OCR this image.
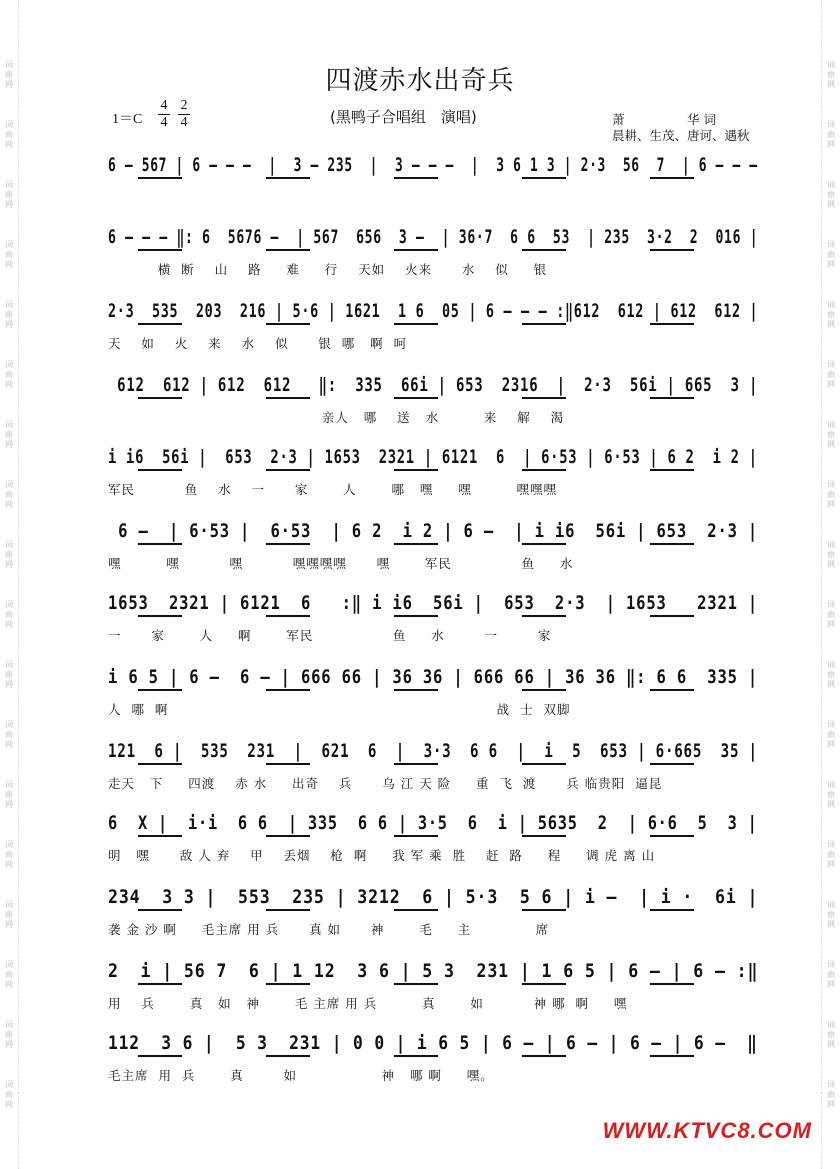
词
曲
网
词
曲
网
词
曲
网
词
曲
网
词
曲
网
词
曲
网
词
曲
网
词
曲
网
词
曲
网
词
曲
网
词
曲
网
词
曲
网
词
曲
网
词
曲
网
词
曲
网
词
曲
网
词
曲
网
词
曲
网
词
曲
网
词
曲
网
词
曲
网
词
曲
网
词
曲
网
词
曲
网
词
曲
网
词
曲
网
词
曲
网
词
曲
网
词
曲
网
词
曲
网
词
曲
网
词
曲
网
词
曲
网
词
曲
网
词
曲
网
词
曲
网
四渡赤水出奇兵
$1=C \frac{4}{4} \frac{2}{4}$	(黑鸭子合唱组　演唱)	萧　　　　　华 词
晨耕、生茂、唐诃、遇秋
6 – 567 | 6 – – –  |  3 – 235  |  3 – – –  |  3 6 1 3 | 2·3  56  7  | 6 – – –
6 – – – ‖: 6  5676 –  | 567  656  3 –  | 36·7  6 6  53  | 235  3·2  2  016 |
横  断    山    路     难     行    天如    火来      水    似     银
2·3  535  203  216 | 5·6 | 1621  1 6  05 | 6 – – – :‖612  612 | 612  612 |
天    如    火    来    水    似      银  哪   啊  呵
612  612 | 612  612   ‖:  335  66i | 653  2316  |  2·3  56i | 665  3 |
亲人   哪    送   水         来    解    渴
i i6  56i |  653  2·3 | 1653  2321 | 6121  6  | 6·53 | 6·53 | 6 2  i 2 |
军民          鱼    水    一      家       人       哪   嘿     嘿         嘿嘿嘿
6 –  | 6·53 |  6·53  | 6 2  i 2 | 6 –  | i i6  56i | 653  2·3 |
嘿         嘿          嘿          嘿嘿嘿嘿      嘿       军民              鱼     水
1653  2321 | 6121  6   :‖ i i6  56i |  653  2·3  | 1653   2321 |
一      家       人     啊       军民                鱼     水        一        家
i 6 5 | 6 –  6 – | 666 66 | 36 36 | 666 66 | 36 36 ‖: 6 6  335 |
人  哪  啊                                                                  战  士  双脚
121  6 |  535  231  |  621  6  |  3·3  6 6  |  i  5  653 | 6·665  35 |
走天   下     四渡    赤 水     出奇    兵      乌 江 天 险     重  飞  渡      兵 临贵阳  逼昆
6  X |  i·i  6 6  | 335  6 6 | 3·5  6  i | 5635  2  | 6·6  5  3 |
明   嘿      敌 人 弃    甲    丢烟    枪  啊     我 军 乘  胜    赶  路     程     调 虎 离 山
234  3 3 |  553  235 | 3212  6 | 5·3  5 6 | i –  | i ·  6i |
袭 金 沙 啊     毛主席 用 兵      真 如      神       毛     主             席
2  i | 56 7  6 | 1 12  3 6 | 5 3  231 | 1 6 5 | 6 – | 6 – :‖
用    兵       真   如   神       毛 主席 用 兵         真       如          神 哪  啊     嘿
112  3 6 |  5 3  231 | 0 0 | i 6 5 | 6 – | 6 – | 6 – | 6 –  ‖
毛主席  用  兵       真        如                 神   哪 啊     嘿。
WWW.KTVC8.COM
